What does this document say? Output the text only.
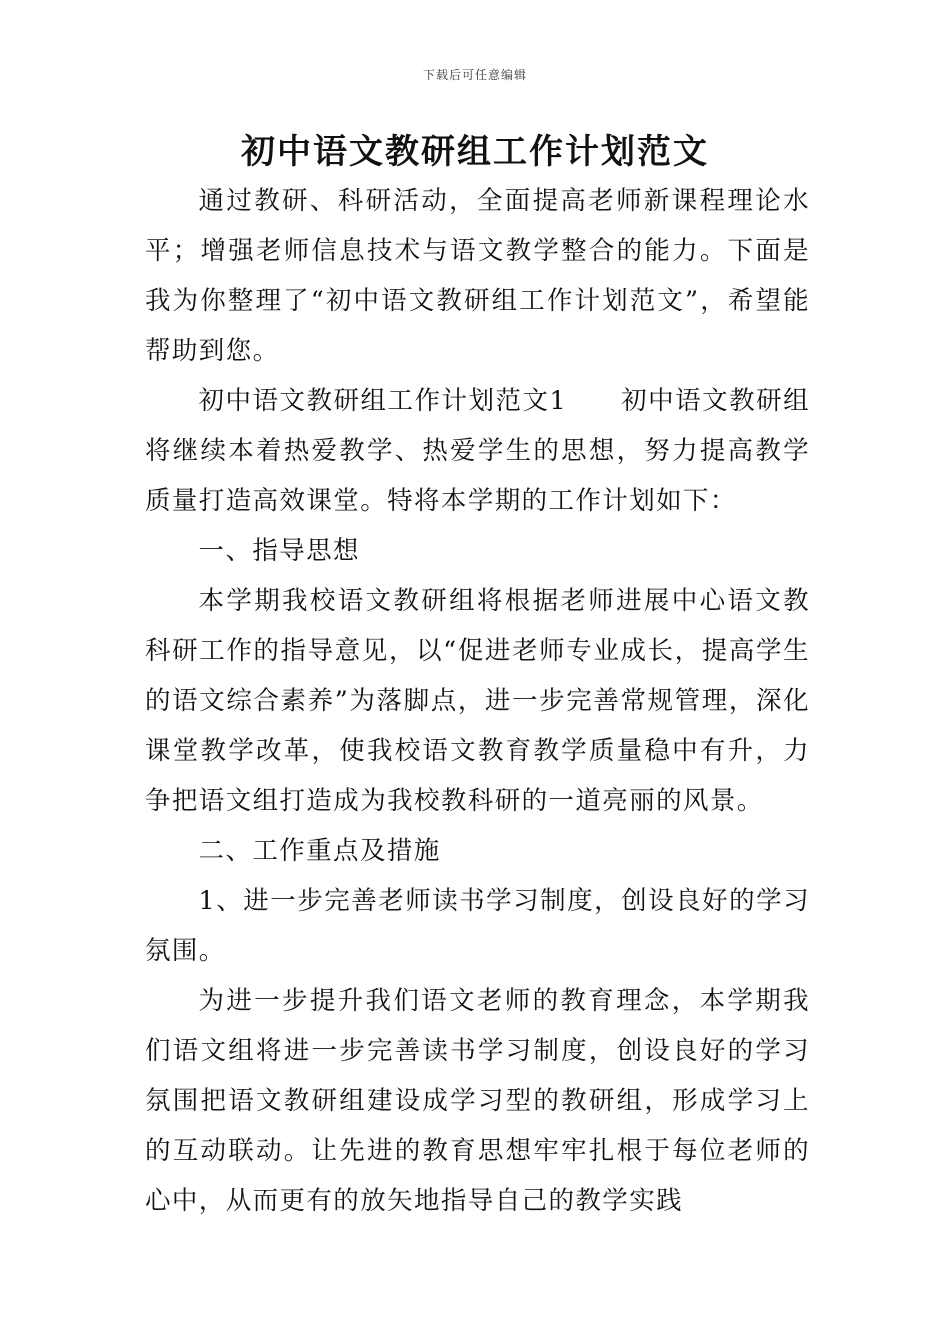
下载后可任意编辑
初中语文教研组工作计划范文

通过教研、科研活动，全面提高老师新课程理论水平；增强老师信息技术与语文教学整合的能力。下面是我为你整理了“初中语文教研组工作计划范文”，希望能帮助到您。

初中语文教研组工作计划范文1　　初中语文教研组将继续本着热爱教学、热爱学生的思想，努力提高教学质量打造高效课堂。特将本学期的工作计划如下：

一、指导思想

本学期我校语文教研组将根据老师进展中心语文教科研工作的指导意见，以“促进老师专业成长，提高学生的语文综合素养”为落脚点，进一步完善常规管理，深化课堂教学改革，使我校语文教育教学质量稳中有升，力争把语文组打造成为我校教科研的一道亮丽的风景。

二、工作重点及措施

1、进一步完善老师读书学习制度，创设良好的学习氛围。

为进一步提升我们语文老师的教育理念，本学期我们语文组将进一步完善读书学习制度，创设良好的学习氛围把语文教研组建设成学习型的教研组，形成学习上的互动联动。让先进的教育思想牢牢扎根于每位老师的心中，从而更有的放矢地指导自己的教学实践
